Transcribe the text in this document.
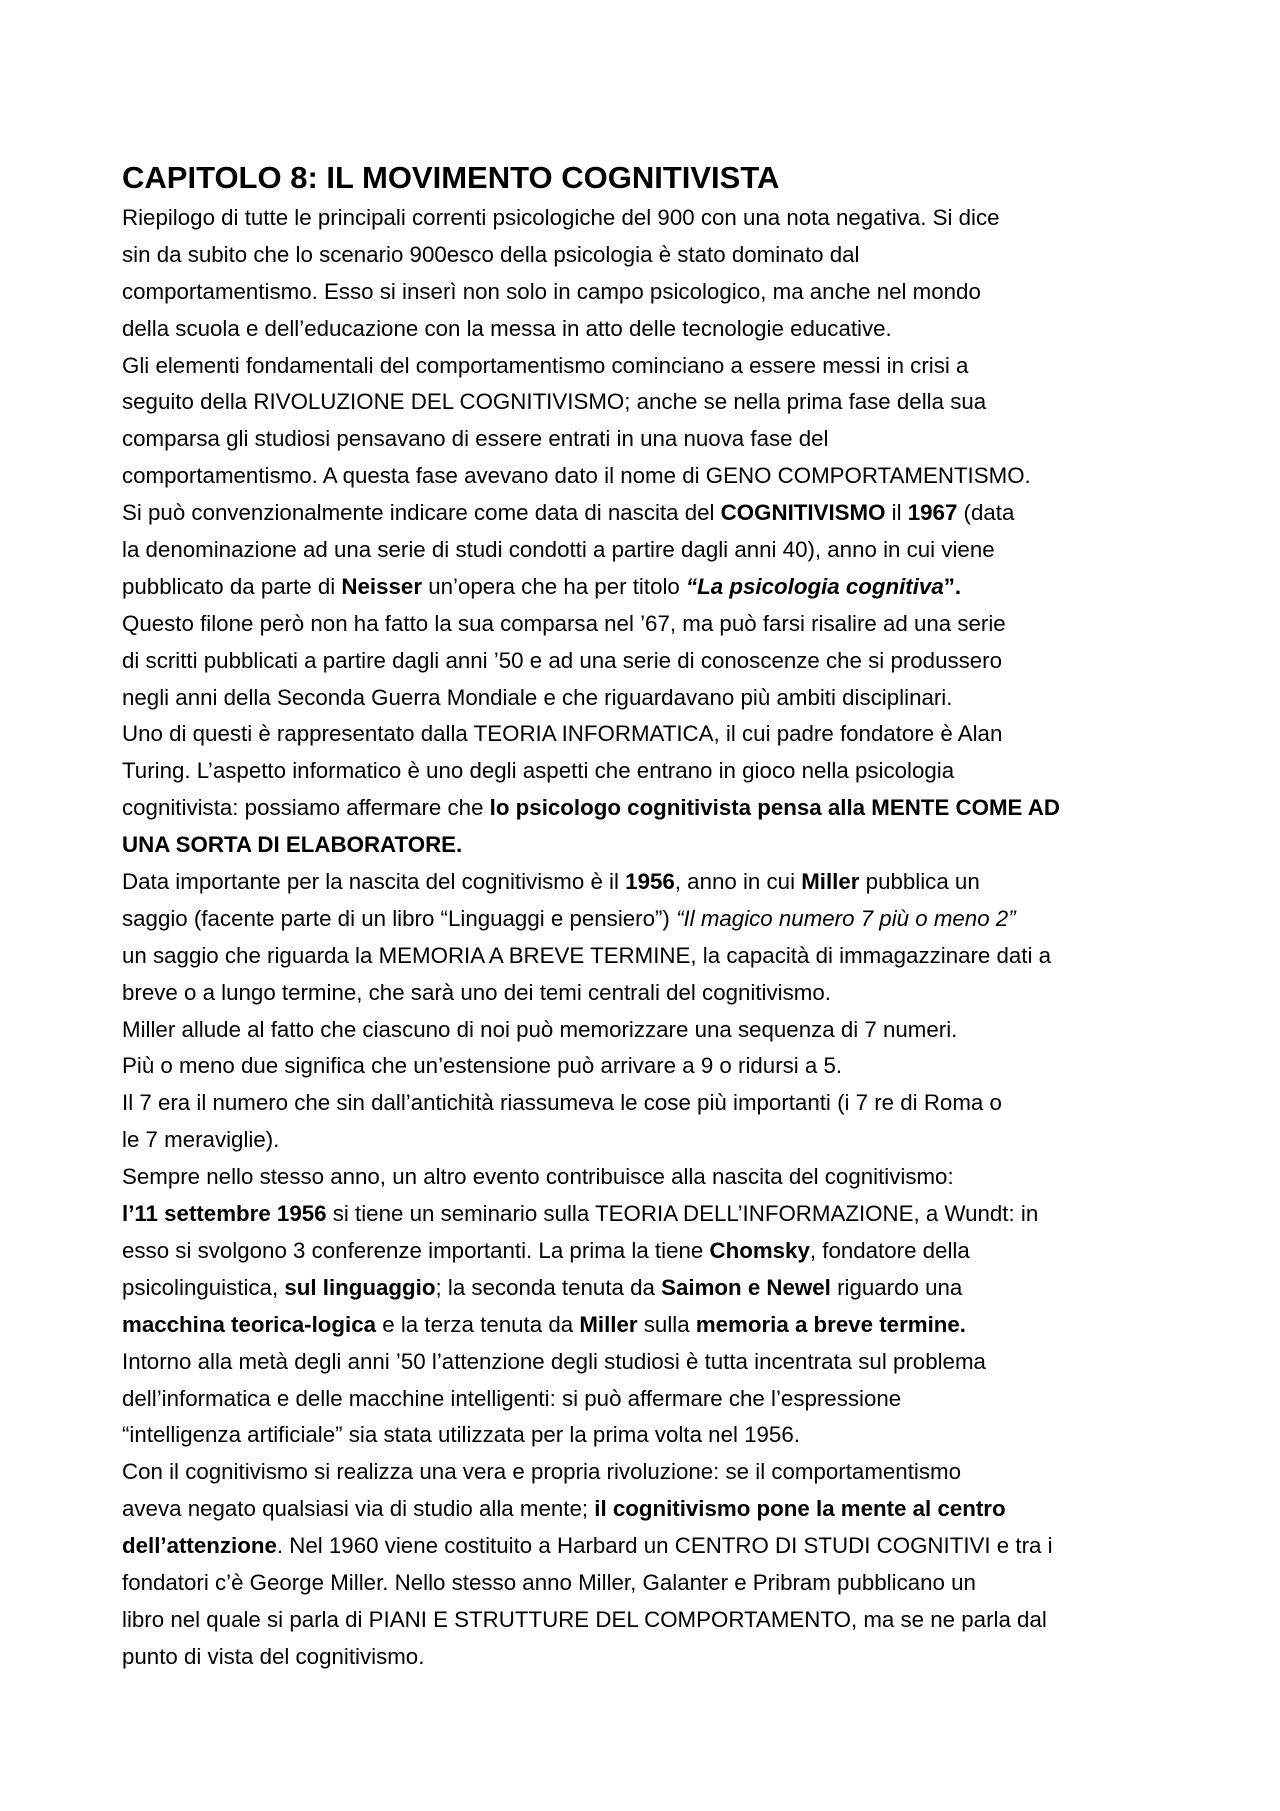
CAPITOLO 8: IL MOVIMENTO COGNITIVISTA
Riepilogo di tutte le principali correnti psicologiche del 900 con una nota negativa. Si dice
sin da subito che lo scenario 900esco della psicologia è stato dominato dal
comportamentismo. Esso si inserì non solo in campo psicologico, ma anche nel mondo
della scuola e dell’educazione con la messa in atto delle tecnologie educative.
Gli elementi fondamentali del comportamentismo cominciano a essere messi in crisi a
seguito della RIVOLUZIONE DEL COGNITIVISMO; anche se nella prima fase della sua
comparsa gli studiosi pensavano di essere entrati in una nuova fase del
comportamentismo. A questa fase avevano dato il nome di GENO COMPORTAMENTISMO.
Si può convenzionalmente indicare come data di nascita del COGNITIVISMO il 1967 (data
la denominazione ad una serie di studi condotti a partire dagli anni 40), anno in cui viene
pubblicato da parte di Neisser un’opera che ha per titolo “La psicologia cognitiva”.
Questo filone però non ha fatto la sua comparsa nel ’67, ma può farsi risalire ad una serie
di scritti pubblicati a partire dagli anni ’50 e ad una serie di conoscenze che si produssero
negli anni della Seconda Guerra Mondiale e che riguardavano più ambiti disciplinari.
Uno di questi è rappresentato dalla TEORIA INFORMATICA, il cui padre fondatore è Alan
Turing. L’aspetto informatico è uno degli aspetti che entrano in gioco nella psicologia
cognitivista: possiamo affermare che lo psicologo cognitivista pensa alla MENTE COME AD
UNA SORTA DI ELABORATORE.
Data importante per la nascita del cognitivismo è il 1956, anno in cui Miller pubblica un
saggio (facente parte di un libro “Linguaggi e pensiero”) “Il magico numero 7 più o meno 2”
un saggio che riguarda la MEMORIA A BREVE TERMINE, la capacità di immagazzinare dati a
breve o a lungo termine, che sarà uno dei temi centrali del cognitivismo.
Miller allude al fatto che ciascuno di noi può memorizzare una sequenza di 7 numeri.
Più o meno due significa che un’estensione può arrivare a 9 o ridursi a 5.
Il 7 era il numero che sin dall’antichità riassumeva le cose più importanti (i 7 re di Roma o
le 7 meraviglie).
Sempre nello stesso anno, un altro evento contribuisce alla nascita del cognitivismo:
l’11 settembre 1956 si tiene un seminario sulla TEORIA DELL’INFORMAZIONE, a Wundt: in
esso si svolgono 3 conferenze importanti. La prima la tiene Chomsky, fondatore della
psicolinguistica, sul linguaggio; la seconda tenuta da Saimon e Newel riguardo una
macchina teorica-logica e la terza tenuta da Miller sulla memoria a breve termine.
Intorno alla metà degli anni ’50 l’attenzione degli studiosi è tutta incentrata sul problema
dell’informatica e delle macchine intelligenti: si può affermare che l’espressione
“intelligenza artificiale” sia stata utilizzata per la prima volta nel 1956.
Con il cognitivismo si realizza una vera e propria rivoluzione: se il comportamentismo
aveva negato qualsiasi via di studio alla mente; il cognitivismo pone la mente al centro
dell’attenzione. Nel 1960 viene costituito a Harbard un CENTRO DI STUDI COGNITIVI e tra i
fondatori c’è George Miller. Nello stesso anno Miller, Galanter e Pribram pubblicano un
libro nel quale si parla di PIANI E STRUTTURE DEL COMPORTAMENTO, ma se ne parla dal
punto di vista del cognitivismo.
